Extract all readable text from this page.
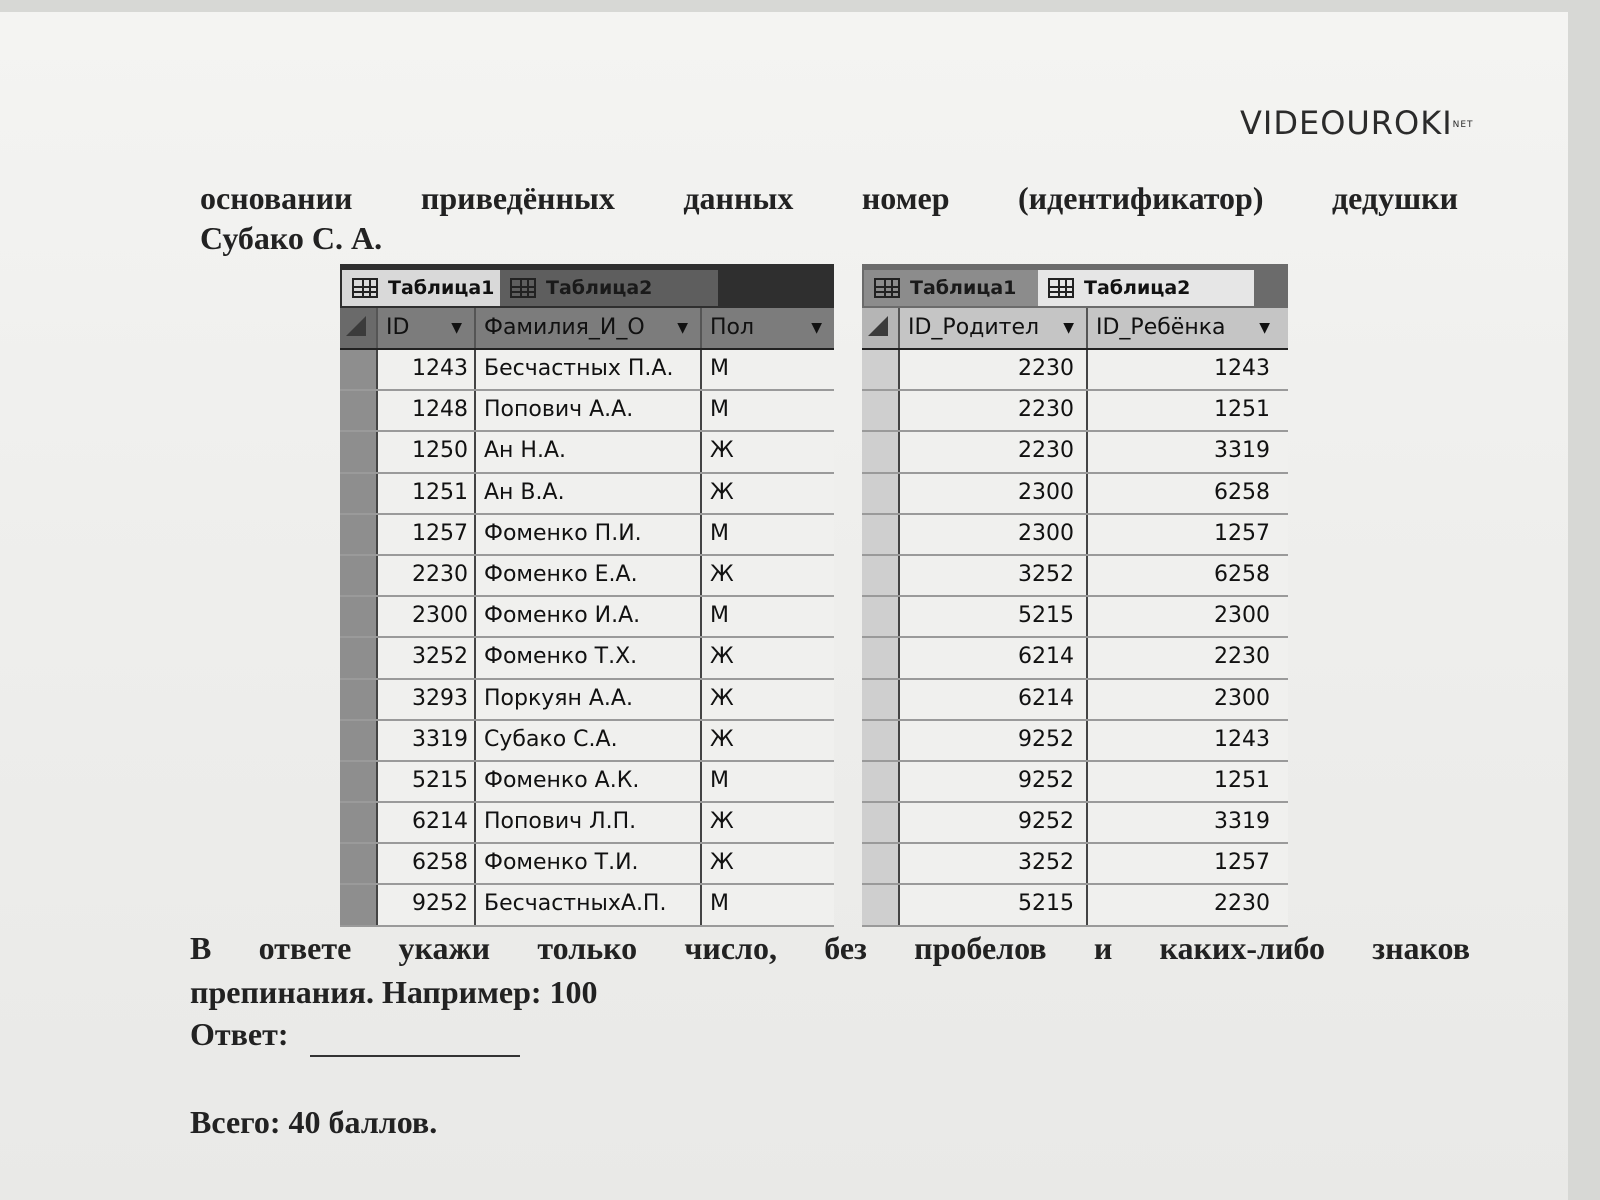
VIDEOUROKINET
основании приведённых данных номер (идентификатор) дедушки
Субако С. А.
Таблица1	Таблица2
ID	▼	Фамилия_И_О ▼	Пол	▼
1243 Бесчастных П.А.	М
1248 Попович А.А.	М
1250 Ан Н.А.	Ж
1251 Ан В.А.	Ж
1257 Фоменко П.И.	М
2230 Фоменко Е.А.	Ж
2300 Фоменко И.А.	М
3252 Фоменко Т.Х.	Ж
3293 Поркуян А.А.	Ж
3319 Субако С.А.	Ж
5215 Фоменко А.К.	М
6214 Попович Л.П.	Ж
6258 Фоменко Т.И.	Ж
9252 БесчастныхА.П.	М
Таблица1	Таблица2
ID_Родител ▼	ID_Ребёнка ▼
2230	1243
2230	1251
2230	3319
2300	6258
2300	1257
3252	6258
5215	2300
6214	2230
6214	2300
9252	1243
9252	1251
9252	3319
3252	1257
5215	2230
В ответе укажи только число, без пробелов и каких-либо знаков
препинания. Например: 100
Ответ:
Всего: 40 баллов.
